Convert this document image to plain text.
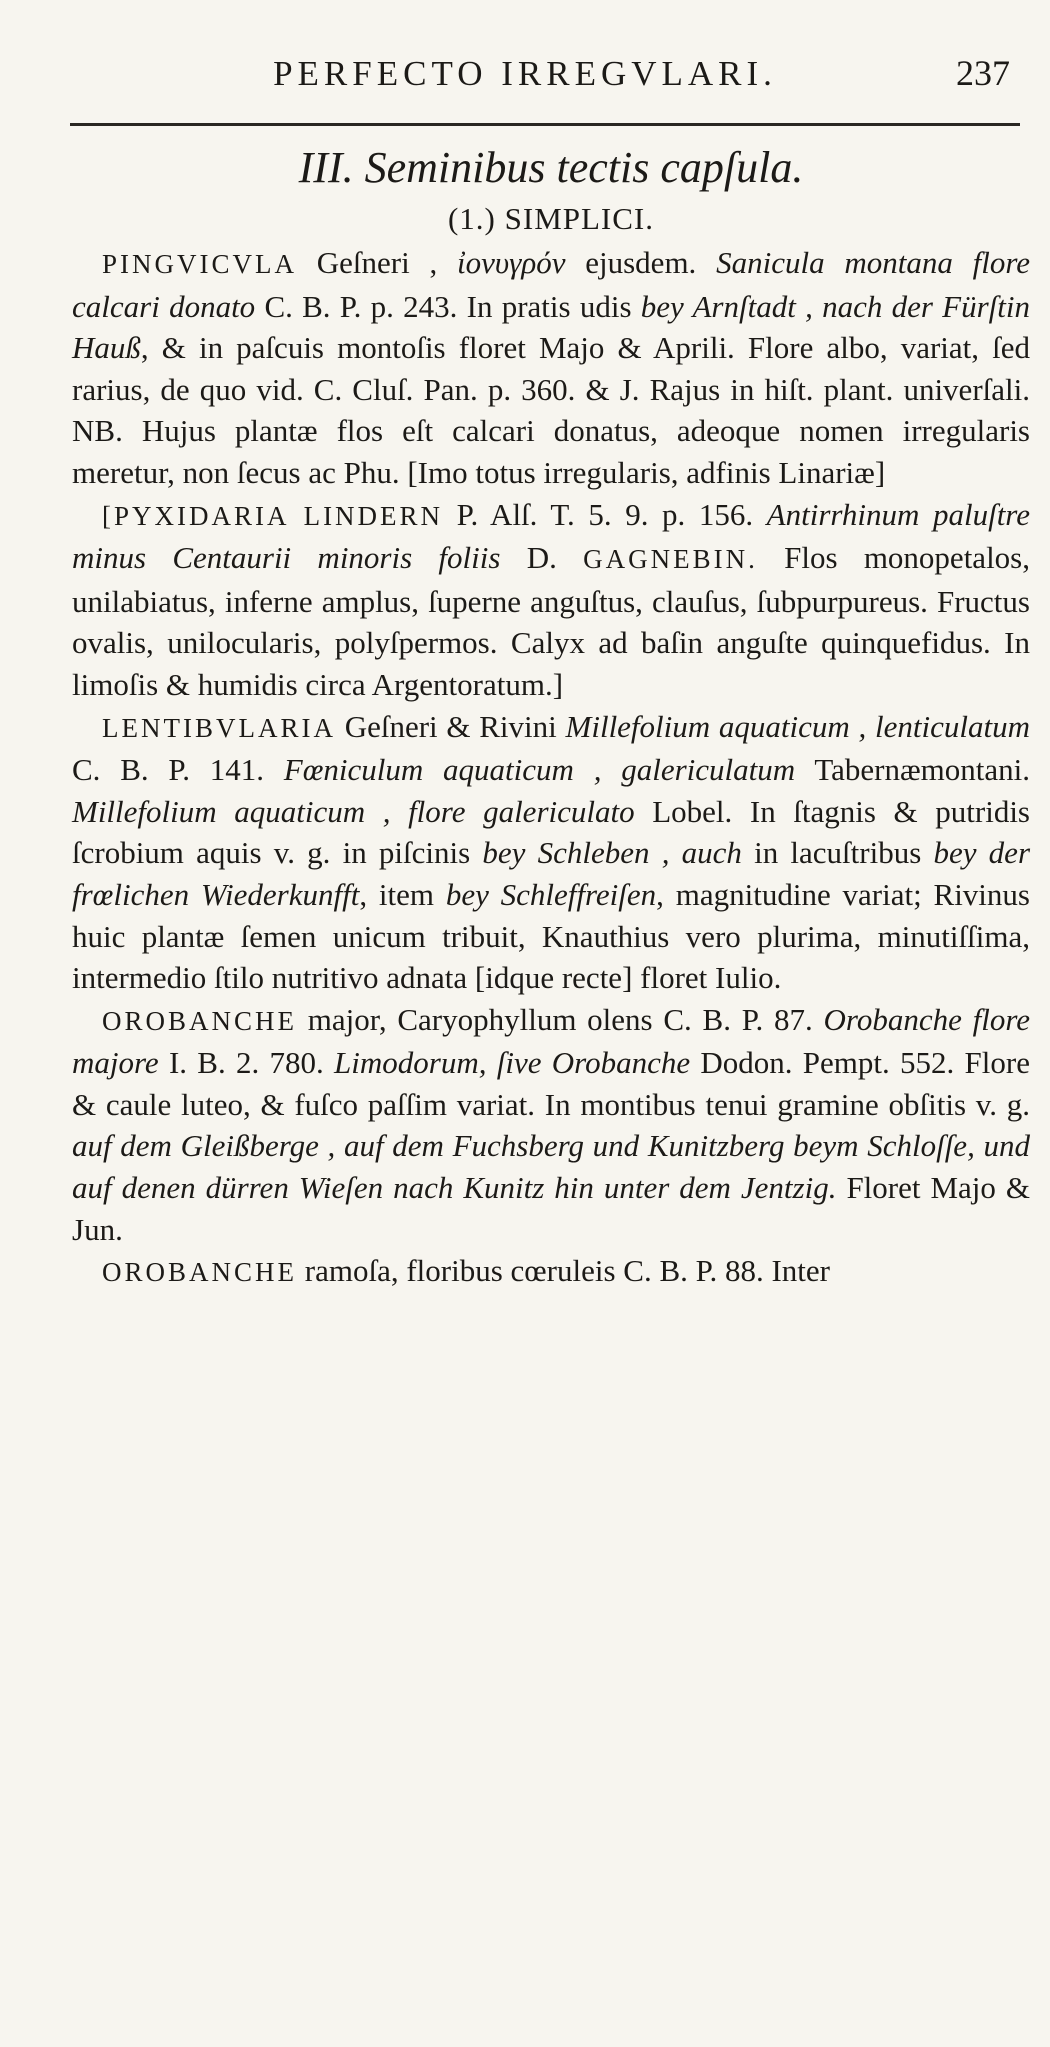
PERFECTO IRREGVLARI.	237
III. Seminibus tectis capſula.
(1.) SIMPLICI.

PINGVICVLA Geſneri , ἰονυγρόν ejusdem. Sanicula montana flore calcari donato C. B. P. p. 243. In pratis udis bey Arnſtadt , nach der Fürſtin Hauß, & in paſcuis montoſis floret Majo & Aprili. Flore albo, variat, ſed rarius, de quo vid. C. Cluſ. Pan. p. 360. & J. Rajus in hiſt. plant. univerſali. NB. Hujus plantæ flos eſt calcari donatus, adeoque nomen irregularis meretur, non ſecus ac Phu. [Imo totus irregularis, adfinis Linariæ]

[PYXIDARIA LINDERN P. Alſ. T. 5. 9. p. 156. Antirrhinum paluſtre minus Centaurii minoris foliis D. GAGNEBIN. Flos monopetalos, unilabiatus, inferne amplus, ſuperne anguſtus, clauſus, ſubpurpureus. Fructus ovalis, unilocularis, polyſpermos. Calyx ad baſin anguſte quinquefidus. In limoſis & humidis circa Argentoratum.]

LENTIBVLARIA Geſneri & Rivini Millefolium aquaticum , lenticulatum C. B. P. 141. Fœniculum aquaticum , galericulatum Tabernæmontani. Millefolium aquaticum , flore galericulato Lobel. In ſtagnis & putridis ſcrobium aquis v. g. in piſcinis bey Schleben , auch in lacuſtribus bey der frœlichen Wiederkunfft, item bey Schleffreiſen, magnitudine variat; Rivinus huic plantæ ſemen unicum tribuit, Knauthius vero plurima, minutiſſima, intermedio ſtilo nutritivo adnata [idque recte] floret Iulio.

OROBANCHE major, Caryophyllum olens C. B. P. 87. Orobanche flore majore I. B. 2. 780. Limodorum, ſive Orobanche Dodon. Pempt. 552. Flore & caule luteo, & fuſco paſſim variat. In montibus tenui gramine obſitis v. g. auf dem Gleißberge , auf dem Fuchsberg und Kunitzberg beym Schloſſe, und auf denen dürren Wieſen nach Kunitz hin unter dem Jentzig. Floret Majo & Jun.

OROBANCHE ramoſa, floribus cœruleis C. B. P. 88. Inter
